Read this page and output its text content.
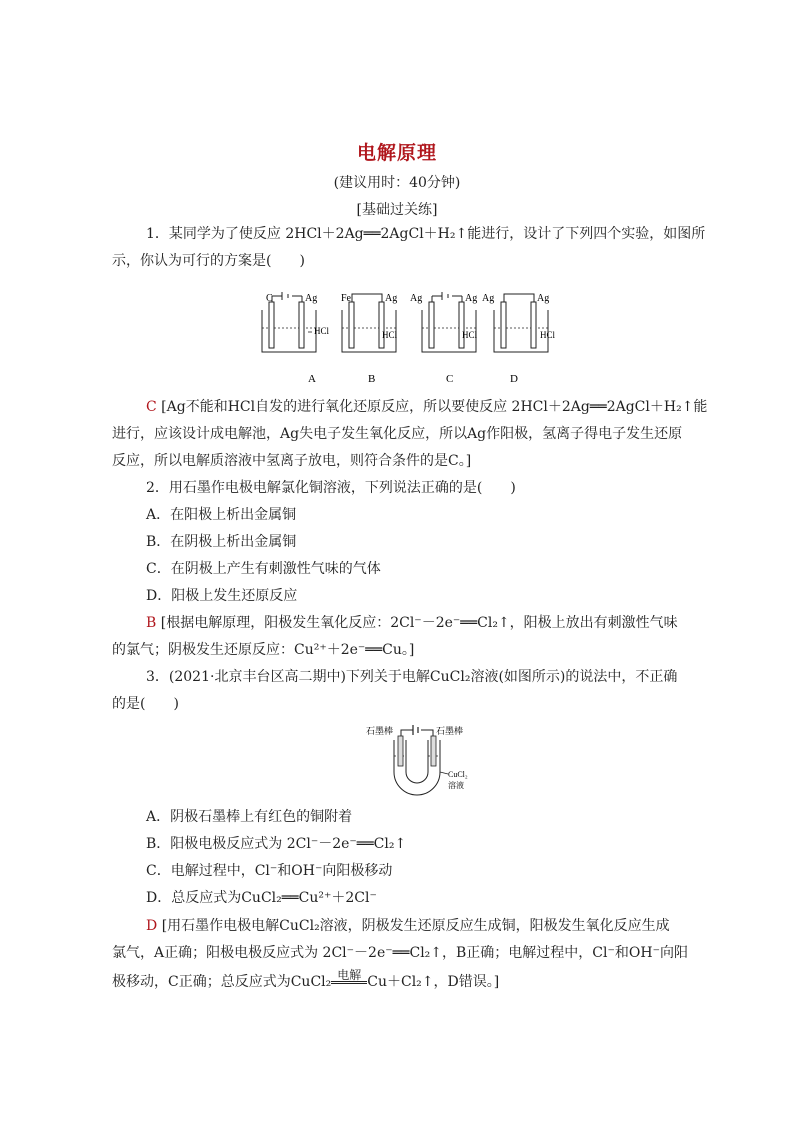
电解原理
(建议用时：40分钟)
[基础过关练]
1．某同学为了使反应 2HCl＋2Ag══2AgCl＋H₂↑能进行，设计了下列四个实验，如图所
示，你认为可行的方案是(　　)
C	Ag
HCl
A
Fe	Ag
HCl
B
Ag	Ag
HCl
C
Ag	Ag
HCl
D
C [Ag不能和HCl自发的进行氧化还原反应，所以要使反应 2HCl＋2Ag══2AgCl＋H₂↑能
进行，应该设计成电解池，Ag失电子发生氧化反应，所以Ag作阳极，氢离子得电子发生还原
反应，所以电解质溶液中氢离子放电，则符合条件的是C。]
2．用石墨作电极电解氯化铜溶液，下列说法正确的是(　　)
A．在阳极上析出金属铜
B．在阴极上析出金属铜
C．在阴极上产生有刺激性气味的气体
D．阳极上发生还原反应
B [根据电解原理，阳极发生氧化反应：2Cl⁻－2e⁻══Cl₂↑，阳极上放出有刺激性气味
的氯气；阴极发生还原反应：Cu²⁺＋2e⁻══Cu。]
3．(2021·北京丰台区高二期中)下列关于电解CuCl₂溶液(如图所示)的说法中，不正确
的是(　　)
石墨棒	石墨棒
CuCl₂
溶液
A．阴极石墨棒上有红色的铜附着
B．阳极电极反应式为 2Cl⁻－2e⁻══Cl₂↑
C．电解过程中，Cl⁻和OH⁻向阳极移动
D．总反应式为CuCl₂══Cu²⁺＋2Cl⁻
D [用石墨作电极电解CuCl₂溶液，阴极发生还原反应生成铜，阳极发生氧化反应生成
氯气，A正确；阳极电极反应式为 2Cl⁻－2e⁻══Cl₂↑，B正确；电解过程中，Cl⁻和OH⁻向阳
极移动，C正确；总反应式为CuCl₂ 电解 Cu＋Cl₂↑，D错误。]
